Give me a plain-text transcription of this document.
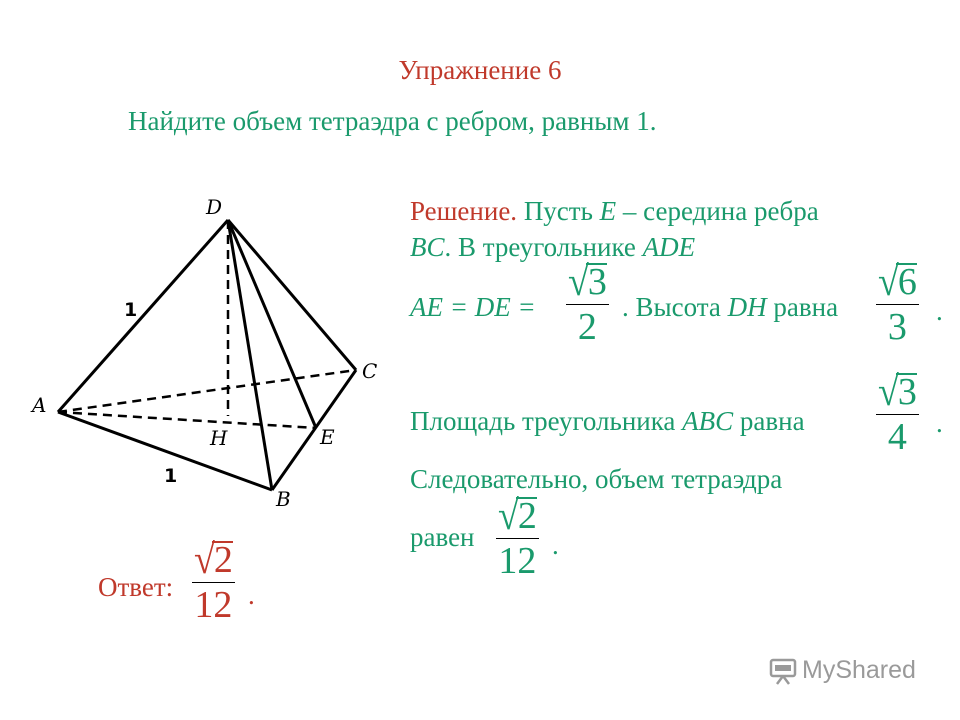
Упражнение 6
Найдите объем тетраэдра с ребром, равным 1.
D
A
C
H	E
B
1
1
Решение. Пусть E – середина ребра
BC. В треугольнике ADE
AE = DE =
√3
2 . Высота DH равна
√6
3	.
Площадь треугольника ABC равна
√3
4	.
Следовательно, объем тетраэдра
равен √2
12 .
Ответ:
√2
12 .
MyShared
